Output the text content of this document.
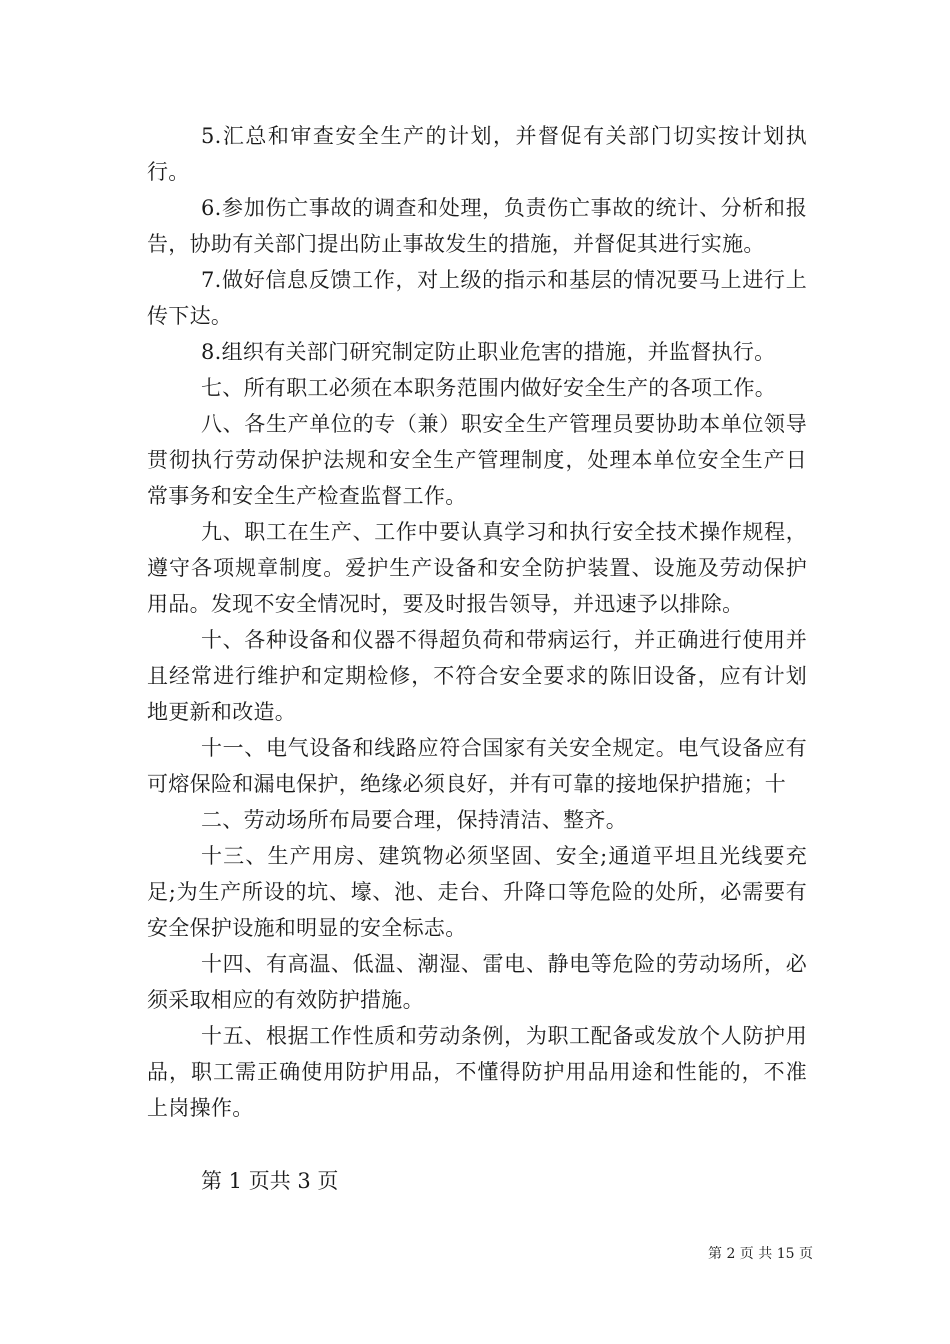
5.汇总和审查安全生产的计划，并督促有关部门切实按计划执行。

6.参加伤亡事故的调查和处理，负责伤亡事故的统计、分析和报告，协助有关部门提出防止事故发生的措施，并督促其进行实施。

7.做好信息反馈工作，对上级的指示和基层的情况要马上进行上传下达。

8.组织有关部门研究制定防止职业危害的措施，并监督执行。

七、所有职工必须在本职务范围内做好安全生产的各项工作。

八、各生产单位的专（兼）职安全生产管理员要协助本单位领导贯彻执行劳动保护法规和安全生产管理制度，处理本单位安全生产日常事务和安全生产检查监督工作。

九、职工在生产、工作中要认真学习和执行安全技术操作规程，遵守各项规章制度。爱护生产设备和安全防护装置、设施及劳动保护用品。发现不安全情况时，要及时报告领导，并迅速予以排除。

十、各种设备和仪器不得超负荷和带病运行，并正确进行使用并且经常进行维护和定期检修，不符合安全要求的陈旧设备，应有计划地更新和改造。

十一、电气设备和线路应符合国家有关安全规定。电气设备应有可熔保险和漏电保护，绝缘必须良好，并有可靠的接地保护措施；十

二、劳动场所布局要合理，保持清洁、整齐。

十三、生产用房、建筑物必须坚固、安全;通道平坦且光线要充足;为生产所设的坑、壕、池、走台、升降口等危险的处所，必需要有安全保护设施和明显的安全标志。

十四、有高温、低温、潮湿、雷电、静电等危险的劳动场所，必须采取相应的有效防护措施。

十五、根据工作性质和劳动条例，为职工配备或发放个人防护用品，职工需正确使用防护用品，不懂得防护用品用途和性能的，不准上岗操作。

第 1 页共 3 页
第 2 页 共 15 页
